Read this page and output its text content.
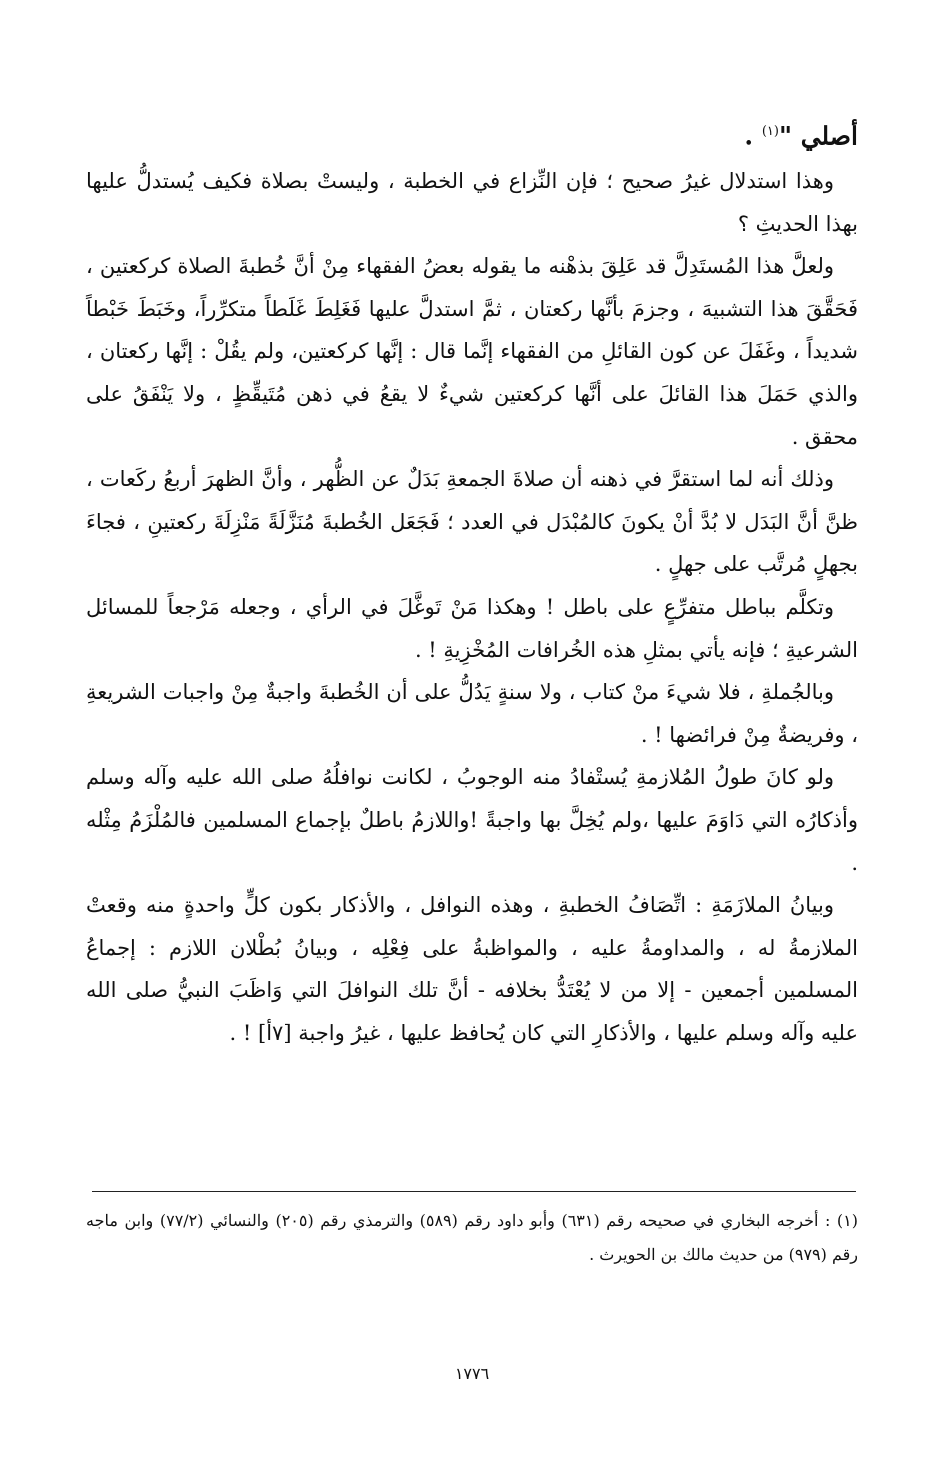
أصلي "$^{(١)}$ .

وهذا استدلال غيرُ صحيح ؛ فإن النِّزاع في الخطبة ، وليستْ بصلاة فكيف يُستدلُّ عليها بهذا الحديثِ ؟

ولعلَّ هذا المُستَدِلَّ قد عَلِقَ بذهْنه ما يقوله بعضُ الفقهاء مِنْ أنَّ خُطبةَ الصلاة كركعتين ، فَحَقَّقَ هذا التشبيهَ ، وجزمَ بأنَّها ركعتان ، ثمَّ استدلَّ عليها فَغَلِطَ غَلَطاً متكرِّراً، وخَبَطَ خَبْطاً شديداً ، وغَفَلَ عن كون القائلِ من الفقهاء إنَّما قال : إنَّها كركعتين، ولم يقُلْ : إنَّها ركعتان ، والذي حَمَلَ هذا القائلَ على أنَّها كركعتين شيءٌ لا يقعُ في ذهن مُتَيقِّظٍ ، ولا يَنْفَقُ على محقق .

وذلك أنه لما استقرَّ في ذهنه أن صلاةَ الجمعةِ بَدَلٌ عن الظُّهر ، وأنَّ الظهرَ أربعُ ركَعات ، ظنَّ أنَّ البَدَل لا بُدَّ أنْ يكونَ كالمُبْدَل في العدد ؛ فَجَعَل الخُطبةَ مُنَزَّلَةً مَنْزِلَةَ ركعتينِ ، فجاءَ بجهلٍ مُرتَّب على جهلٍ .

وتكلَّم بباطل متفرِّعٍ على باطل ! وهكذا مَنْ تَوغَّلَ في الرأي ، وجعله مَرْجعاً للمسائل الشرعيةِ ؛ فإنه يأتي بمثلِ هذه الخُرافات المُخْزِيةِ ! .

وبالجُملةِ ، فلا شيءَ منْ كتاب ، ولا سنةٍ يَدُلُّ على أن الخُطبةَ واجبةٌ مِنْ واجبات الشريعةِ ، وفريضةٌ مِنْ فرائضها ! .

ولو كانَ طولُ المُلازمةِ يُستْفادُ منه الوجوبُ ، لكانت نوافلُهُ صلى الله عليه وآله وسلم وأذكارُه التي دَاوَمَ عليها ،ولم يُخِلَّ بها واجبةً !واللازمُ باطلٌ بإجماع المسلمين فالمُلْزَمُ مِثْله .

وبيانُ الملازَمَةِ : اتِّصَافُ الخطبةِ ، وهذه النوافل ، والأذكار بكون كلٍّ واحدةٍ منه وقعتْ الملازمةُ له ، والمداومةُ عليه ، والمواظبةُ على فِعْلِه ، وبيانُ بُطْلان اللازم : إجماعُ المسلمين أجمعين - إلا من لا يُعْتَدُّ بخلافه - أنَّ تلك النوافلَ التي وَاظَبَ النبيُّ صلى الله عليه وآله وسلم عليها ، والأذكارِ التي كان يُحافظ عليها ، غيرُ واجبة [٧أ] ! .

(١) : أخرجه البخاري في صحيحه رقم (٦٣١) وأبو داود رقم (٥٨٩) والترمذي رقم (٢٠٥) والنسائي (٧٧/٢) وابن ماجه رقم (٩٧٩) من حديث مالك بن الحويرث .

١٧٧٦
